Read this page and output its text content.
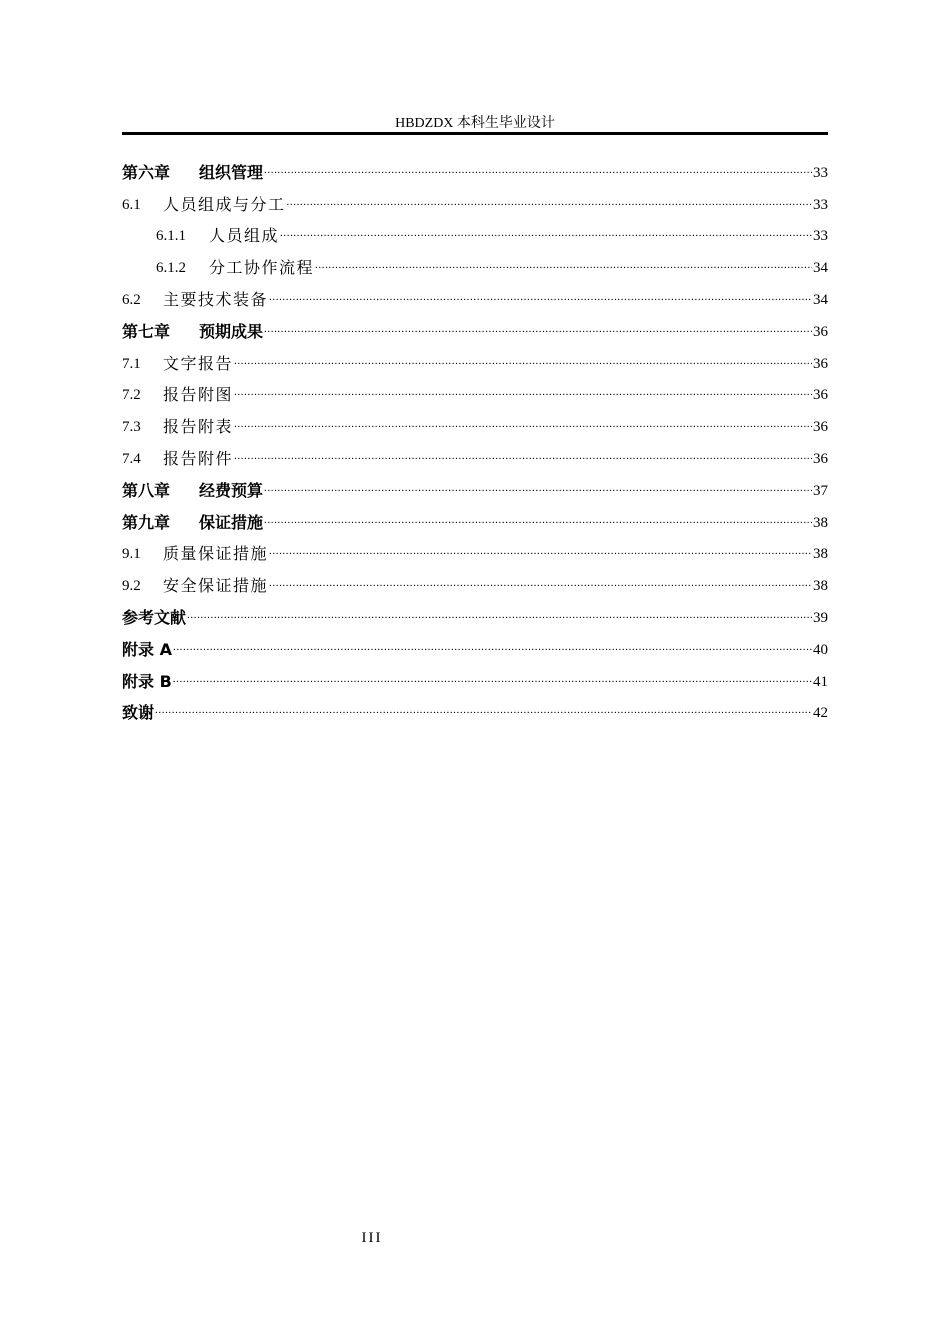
HBDZDX 本科生毕业设计
第六章	组织管理 .....	33
6.1	人员组成与分工 .....	33
6.1.1	人员组成 .....	33
6.1.2	分工协作流程 .....	34
6.2	主要技术装备 .....	34
第七章	预期成果 .....	36
7.1	文字报告 .....	36
7.2	报告附图 .....	36
7.3	报告附表 .....	36
7.4	报告附件 .....	36
第八章	经费预算 .....	37
第九章	保证措施 .....	38
9.1	质量保证措施 .....	38
9.2	安全保证措施 .....	38
参考文献 .....	39
附录 A .....	40
附录 B .....	41
致谢 .....	42
III
